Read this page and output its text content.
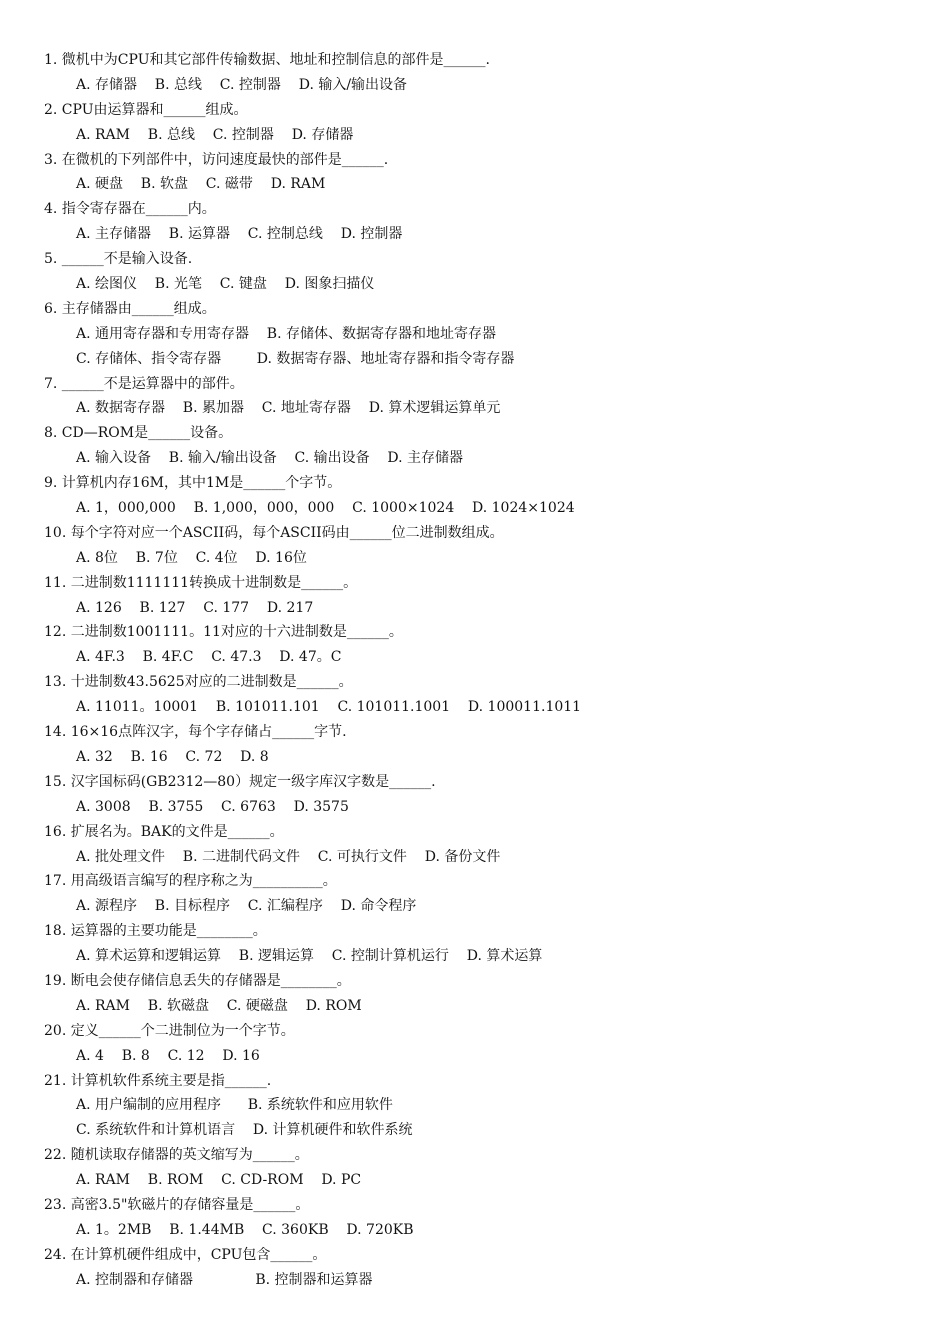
1. 微机中为CPU和其它部件传输数据、地址和控制信息的部件是______.
A. 存储器    B. 总线    C. 控制器    D. 输入/输出设备
2. CPU由运算器和______组成。
A. RAM    B. 总线    C. 控制器    D. 存储器
3. 在微机的下列部件中，访问速度最快的部件是______.
A. 硬盘    B. 软盘    C. 磁带    D. RAM
4. 指令寄存器在______内。
A. 主存储器    B. 运算器    C. 控制总线    D. 控制器
5. ______不是输入设备.
A. 绘图仪    B. 光笔    C. 键盘    D. 图象扫描仪
6. 主存储器由______组成。
A. 通用寄存器和专用寄存器    B. 存储体、数据寄存器和地址寄存器
C. 存储体、指令寄存器        D. 数据寄存器、地址寄存器和指令寄存器
7. ______不是运算器中的部件。
A. 数据寄存器    B. 累加器    C. 地址寄存器    D. 算术逻辑运算单元
8. CD—ROM是______设备。
A. 输入设备    B. 输入/输出设备    C. 输出设备    D. 主存储器
9. 计算机内存16M，其中1M是______个字节。
A. 1，000,000    B. 1,000，000，000    C. 1000×1024    D. 1024×1024
10. 每个字符对应一个ASCII码，每个ASCII码由______位二进制数组成。
A. 8位    B. 7位    C. 4位    D. 16位
11. 二进制数1111111转换成十进制数是______。
A. 126    B. 127    C. 177    D. 217
12. 二进制数1001111。11对应的十六进制数是______。
A. 4F.3    B. 4F.C    C. 47.3    D. 47。C
13. 十进制数43.5625对应的二进制数是______。
A. 11011。10001    B. 101011.101    C. 101011.1001    D. 100011.1011
14. 16×16点阵汉字，每个字存储占______字节.
A. 32    B. 16    C. 72    D. 8
15. 汉字国标码(GB2312—80）规定一级字库汉字数是______.
A. 3008    B. 3755    C. 6763    D. 3575
16. 扩展名为。BAK的文件是______。
A. 批处理文件    B. 二进制代码文件    C. 可执行文件    D. 备份文件
17. 用高级语言编写的程序称之为__________。
A. 源程序    B. 目标程序    C. 汇编程序    D. 命令程序
18. 运算器的主要功能是________。
A. 算术运算和逻辑运算    B. 逻辑运算    C. 控制计算机运行    D. 算术运算
19. 断电会使存储信息丢失的存储器是________。
A. RAM    B. 软磁盘    C. 硬磁盘    D. ROM
20. 定义______个二进制位为一个字节。
A. 4    B. 8    C. 12    D. 16
21. 计算机软件系统主要是指______.
A. 用户编制的应用程序      B. 系统软件和应用软件
C. 系统软件和计算机语言    D. 计算机硬件和软件系统
22. 随机读取存储器的英文缩写为______。
A. RAM    B. ROM    C. CD-ROM    D. PC
23. 高密3.5"软磁片的存储容量是______。
A. 1。2MB    B. 1.44MB    C. 360KB    D. 720KB
24. 在计算机硬件组成中，CPU包含______。
A. 控制器和存储器              B. 控制器和运算器
